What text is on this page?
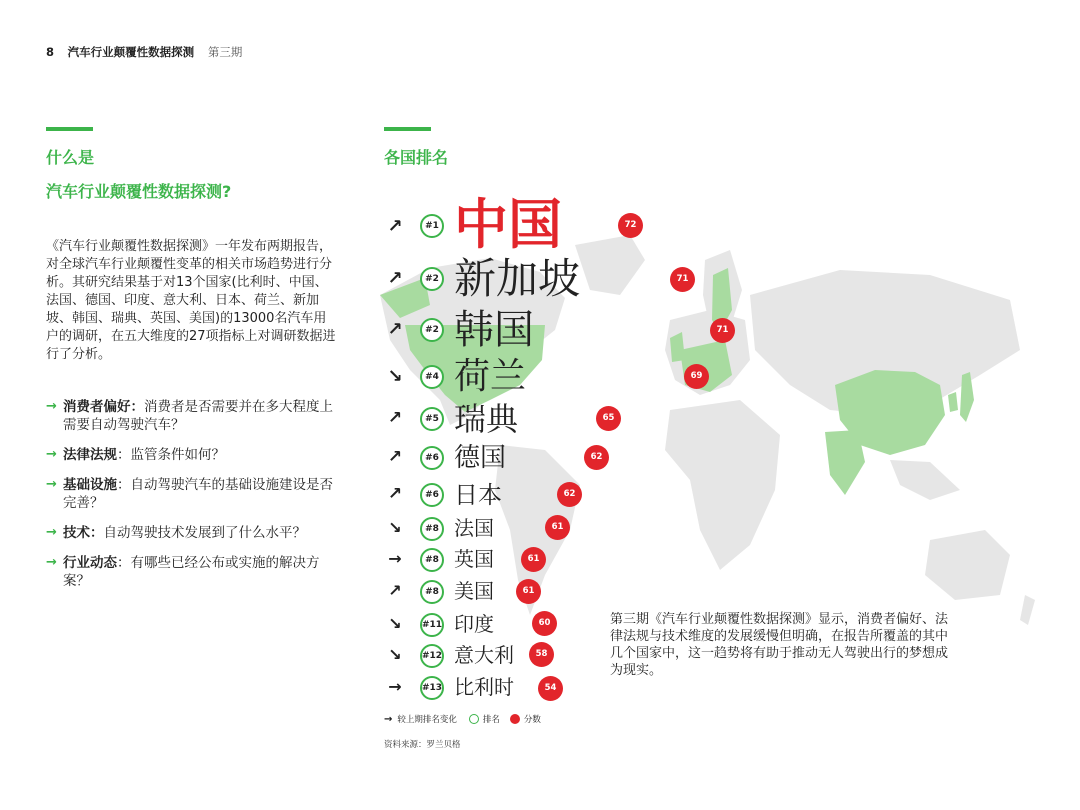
8 汽车行业颠覆性数据探测 第三期
什么是
汽车行业颠覆性数据探测?
《汽车行业颠覆性数据探测》一年发布两期报告，对全球汽车行业颠覆性变革的相关市场趋势进行分析。其研究结果基于对13个国家(比利时、中国、法国、德国、印度、意大利、日本、荷兰、新加坡、韩国、瑞典、英国、美国)的13000名汽车用户的调研，在五大维度的27项指标上对调研数据进行了分析。
→ 消费者偏好：消费者是否需要并在多大程度上需要自动驾驶汽车？
→ 法律法规：监管条件如何？
→ 基础设施：自动驾驶汽车的基础设施建设是否完善？
→ 技术：自动驾驶技术发展到了什么水平？
→ 行业动态：有哪些已经公布或实施的解决方案？
各国排名
↗	#1 中国	72
↗	#2 新加坡	71
↗	#2 韩国	71
↘	#4 荷兰	69
↗	#5 瑞典	65
↗	#6 德国	62
↗	#6 日本	62
↘	#8 法国	61
→	#8 英国	61
↗	#8 美国	61
↘	#11 印度	60
↘	#12 意大利	58
→	#13 比利时	54
→ 较上期排名变化	排名	分数
资料来源：罗兰贝格
第三期《汽车行业颠覆性数据探测》显示，消费者偏好、法律法规与技术维度的发展缓慢但明确，在报告所覆盖的其中几个国家中，这一趋势将有助于推动无人驾驶出行的梦想成为现实。
